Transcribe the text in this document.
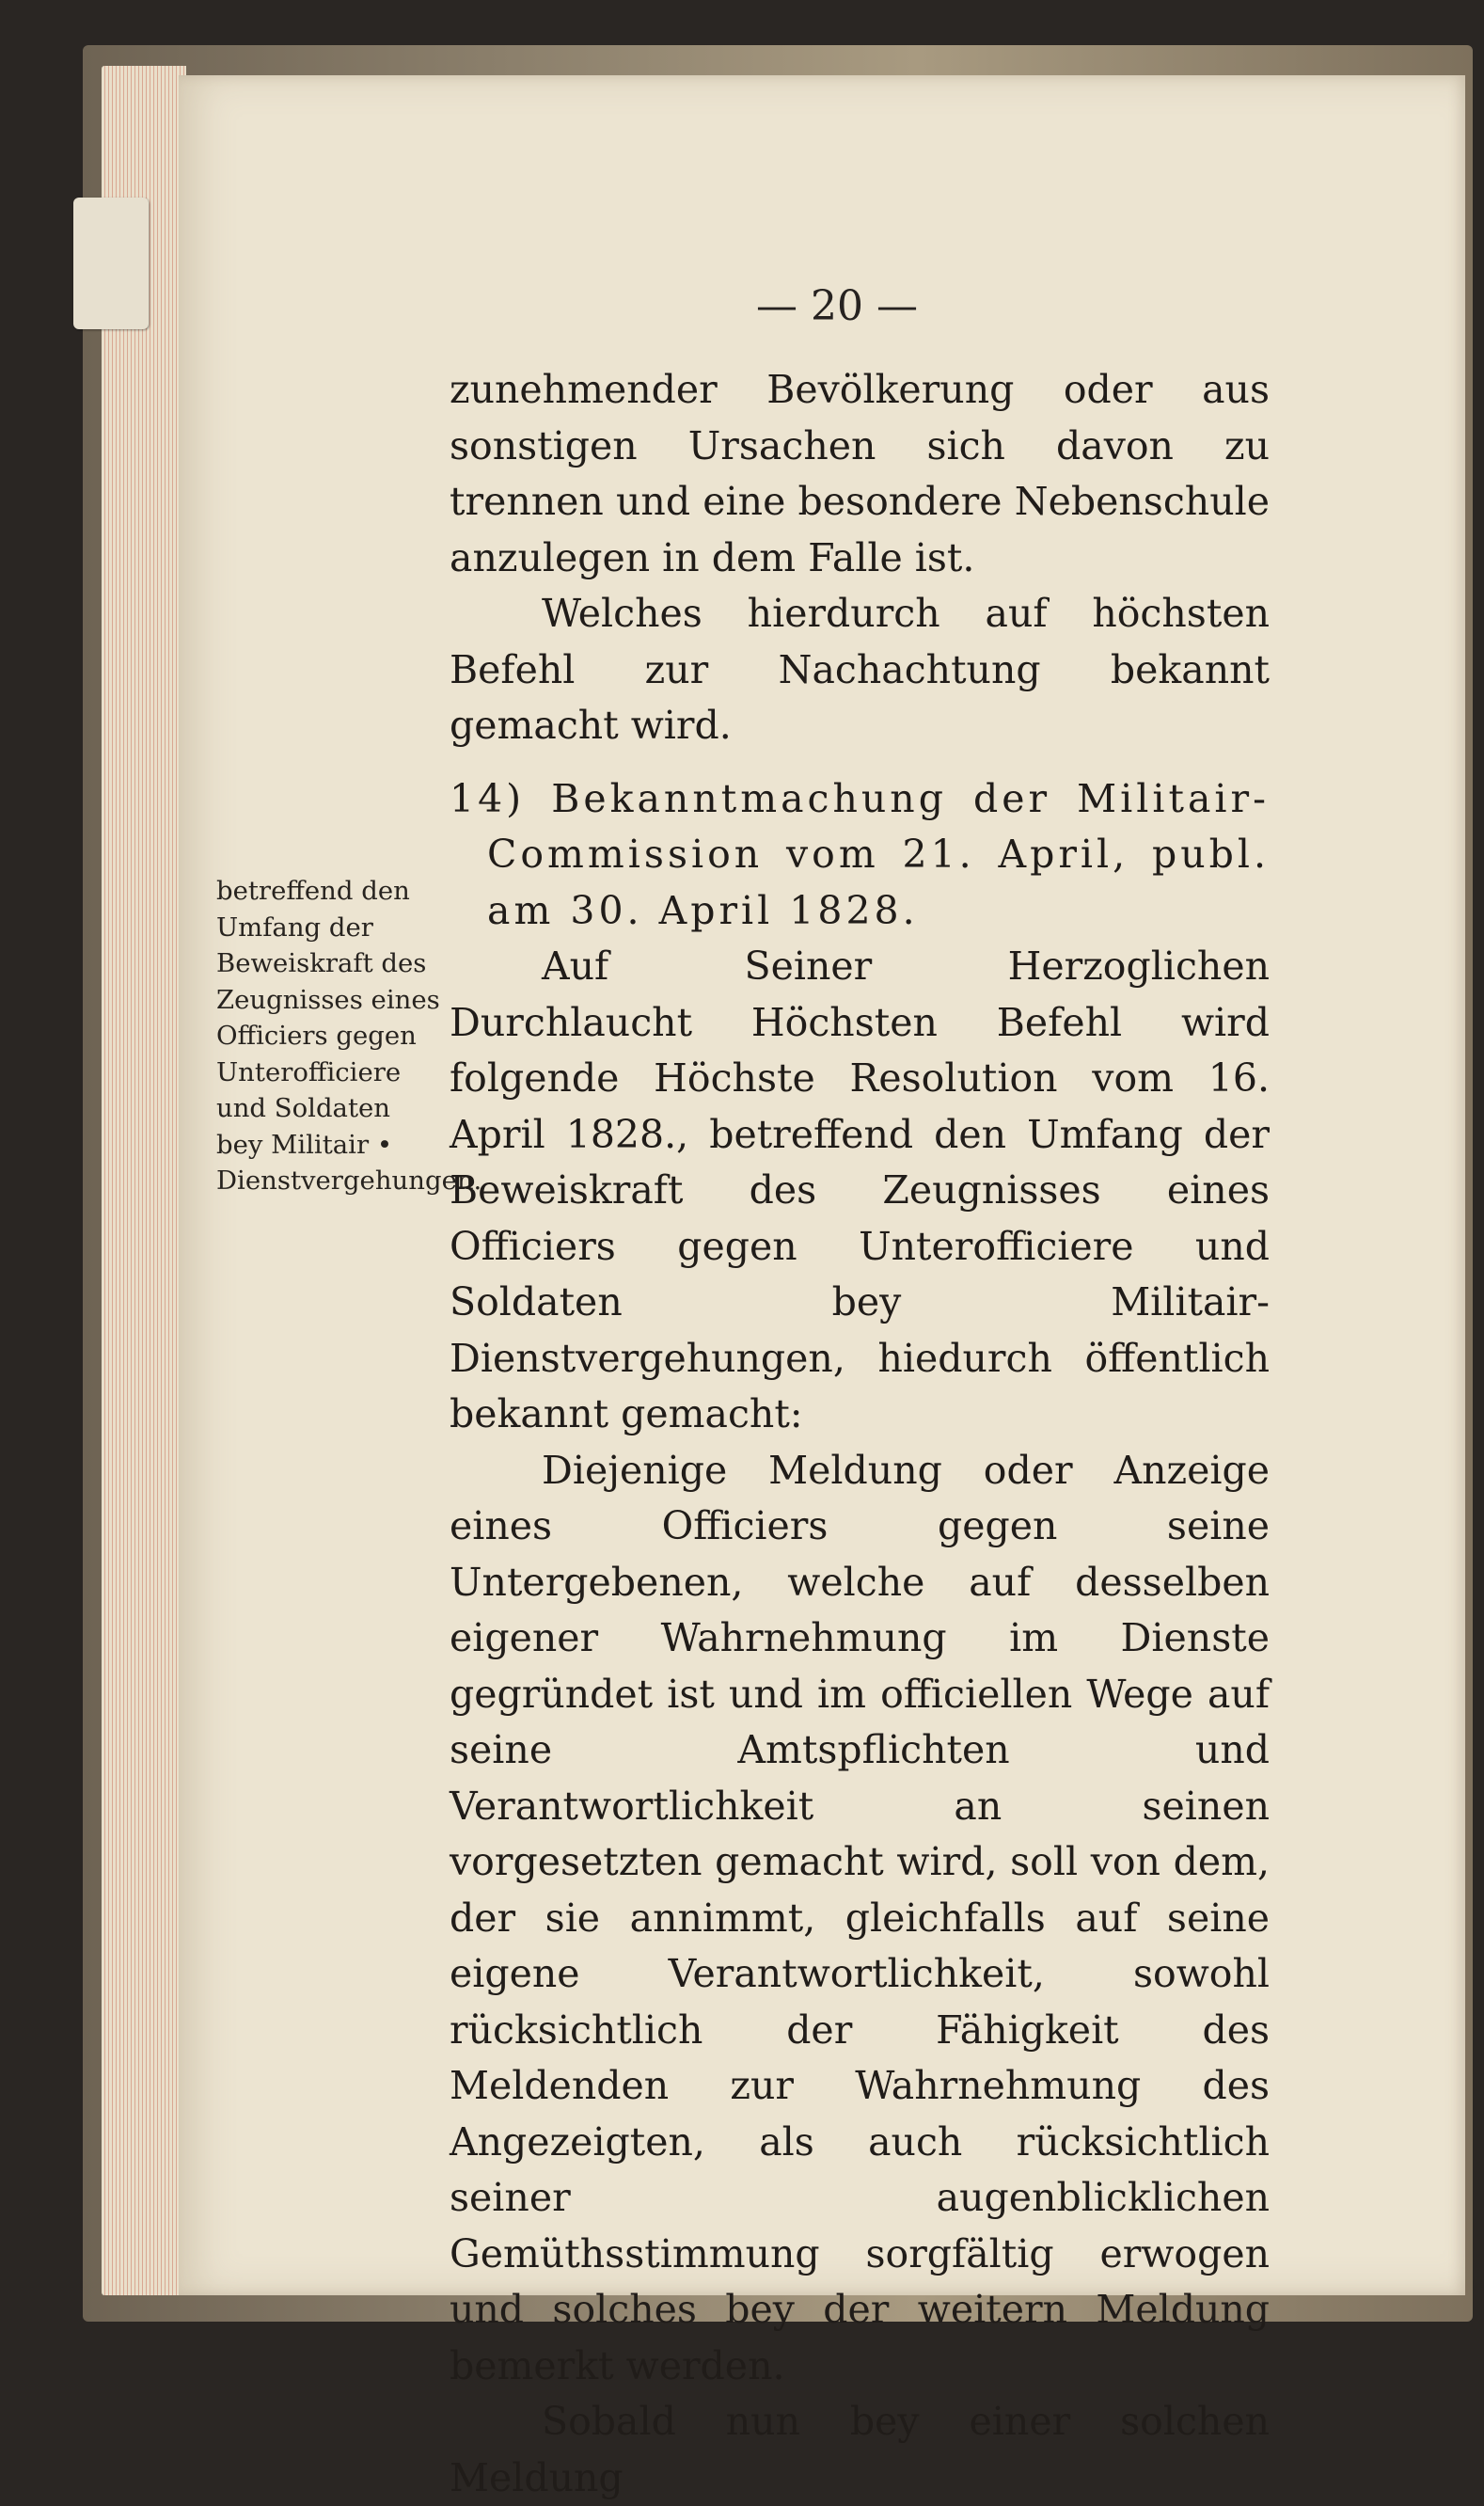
— 20 —
betreffend den Umfang der Beweiskraft des Zeugnisses eines Officiers gegen Unterofficiere und Soldaten bey Militair • Dienstvergehungen.

zunehmender Bevölkerung oder aus sonstigen Ursachen sich davon zu trennen und eine besondere Nebenschule anzulegen in dem Falle ist.

Welches hierdurch auf höchsten Befehl zur Nachachtung bekannt gemacht wird.

14) Bekanntmachung der Militair-Commission vom 21. April, publ. am 30. April 1828.

Auf Seiner Herzoglichen Durchlaucht Höchsten Befehl wird folgende Höchste Resolution vom 16. April 1828., betreffend den Umfang der Beweiskraft des Zeugnisses eines Officiers gegen Unterofficiere und Soldaten bey Militair-Dienstvergehungen, hiedurch öffentlich bekannt gemacht:

Diejenige Meldung oder Anzeige eines Officiers gegen seine Untergebenen, welche auf desselben eigener Wahrnehmung im Dienste gegründet ist und im officiellen Wege auf seine Amtspflichten und Verantwortlichkeit an seinen vorgesetzten gemacht wird, soll von dem, der sie annimmt, gleichfalls auf seine eigene Verantwortlichkeit, sowohl rücksichtlich der Fähigkeit des Meldenden zur Wahrnehmung des Angezeigten, als auch rücksichtlich seiner augenblicklichen Gemüthsstimmung sorgfältig erwogen und solches bey der weitern Meldung bemerkt werden.

Sobald nun bey einer solchen Meldung
